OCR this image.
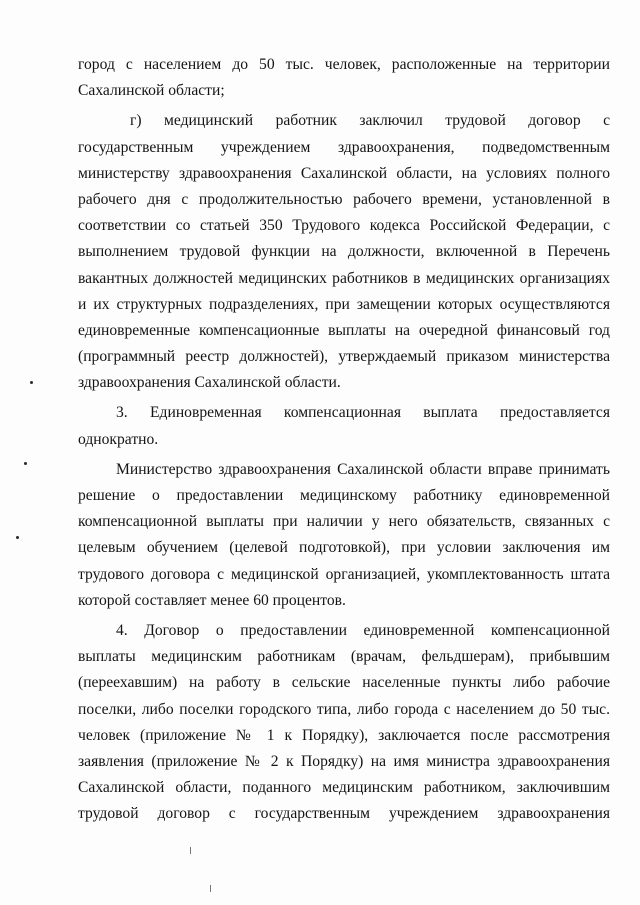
город с населением до 50 тыс. человек, расположенные на территории
Сахалинской области;
г) медицинский работник заключил трудовой договор с
государственным учреждением здравоохранения, подведомственным
министерству здравоохранения Сахалинской области, на условиях полного
рабочего дня с продолжительностью рабочего времени, установленной в
соответствии со статьей 350 Трудового кодекса Российской Федерации, с
выполнением трудовой функции на должности, включенной в Перечень
вакантных должностей медицинских работников в медицинских организациях
и их структурных подразделениях, при замещении которых осуществляются
единовременные компенсационные выплаты на очередной финансовый год
(программный реестр должностей), утверждаемый приказом министерства
здравоохранения Сахалинской области.
3. Единовременная компенсационная выплата предоставляется
однократно.
Министерство здравоохранения Сахалинской области вправе принимать
решение о предоставлении медицинскому работнику единовременной
компенсационной выплаты при наличии у него обязательств, связанных с
целевым обучением (целевой подготовкой), при условии заключения им
трудового договора с медицинской организацией, укомплектованность штата
которой составляет менее 60 процентов.
4. Договор о предоставлении единовременной компенсационной
выплаты медицинским работникам (врачам, фельдшерам), прибывшим
(переехавшим) на работу в сельские населенные пункты либо рабочие
поселки, либо поселки городского типа, либо города с населением до 50 тыс.
человек (приложение № 1 к Порядку), заключается после рассмотрения
заявления (приложение № 2 к Порядку) на имя министра здравоохранения
Сахалинской области, поданного медицинским работником, заключившим
трудовой договор с государственным учреждением здравоохранения
